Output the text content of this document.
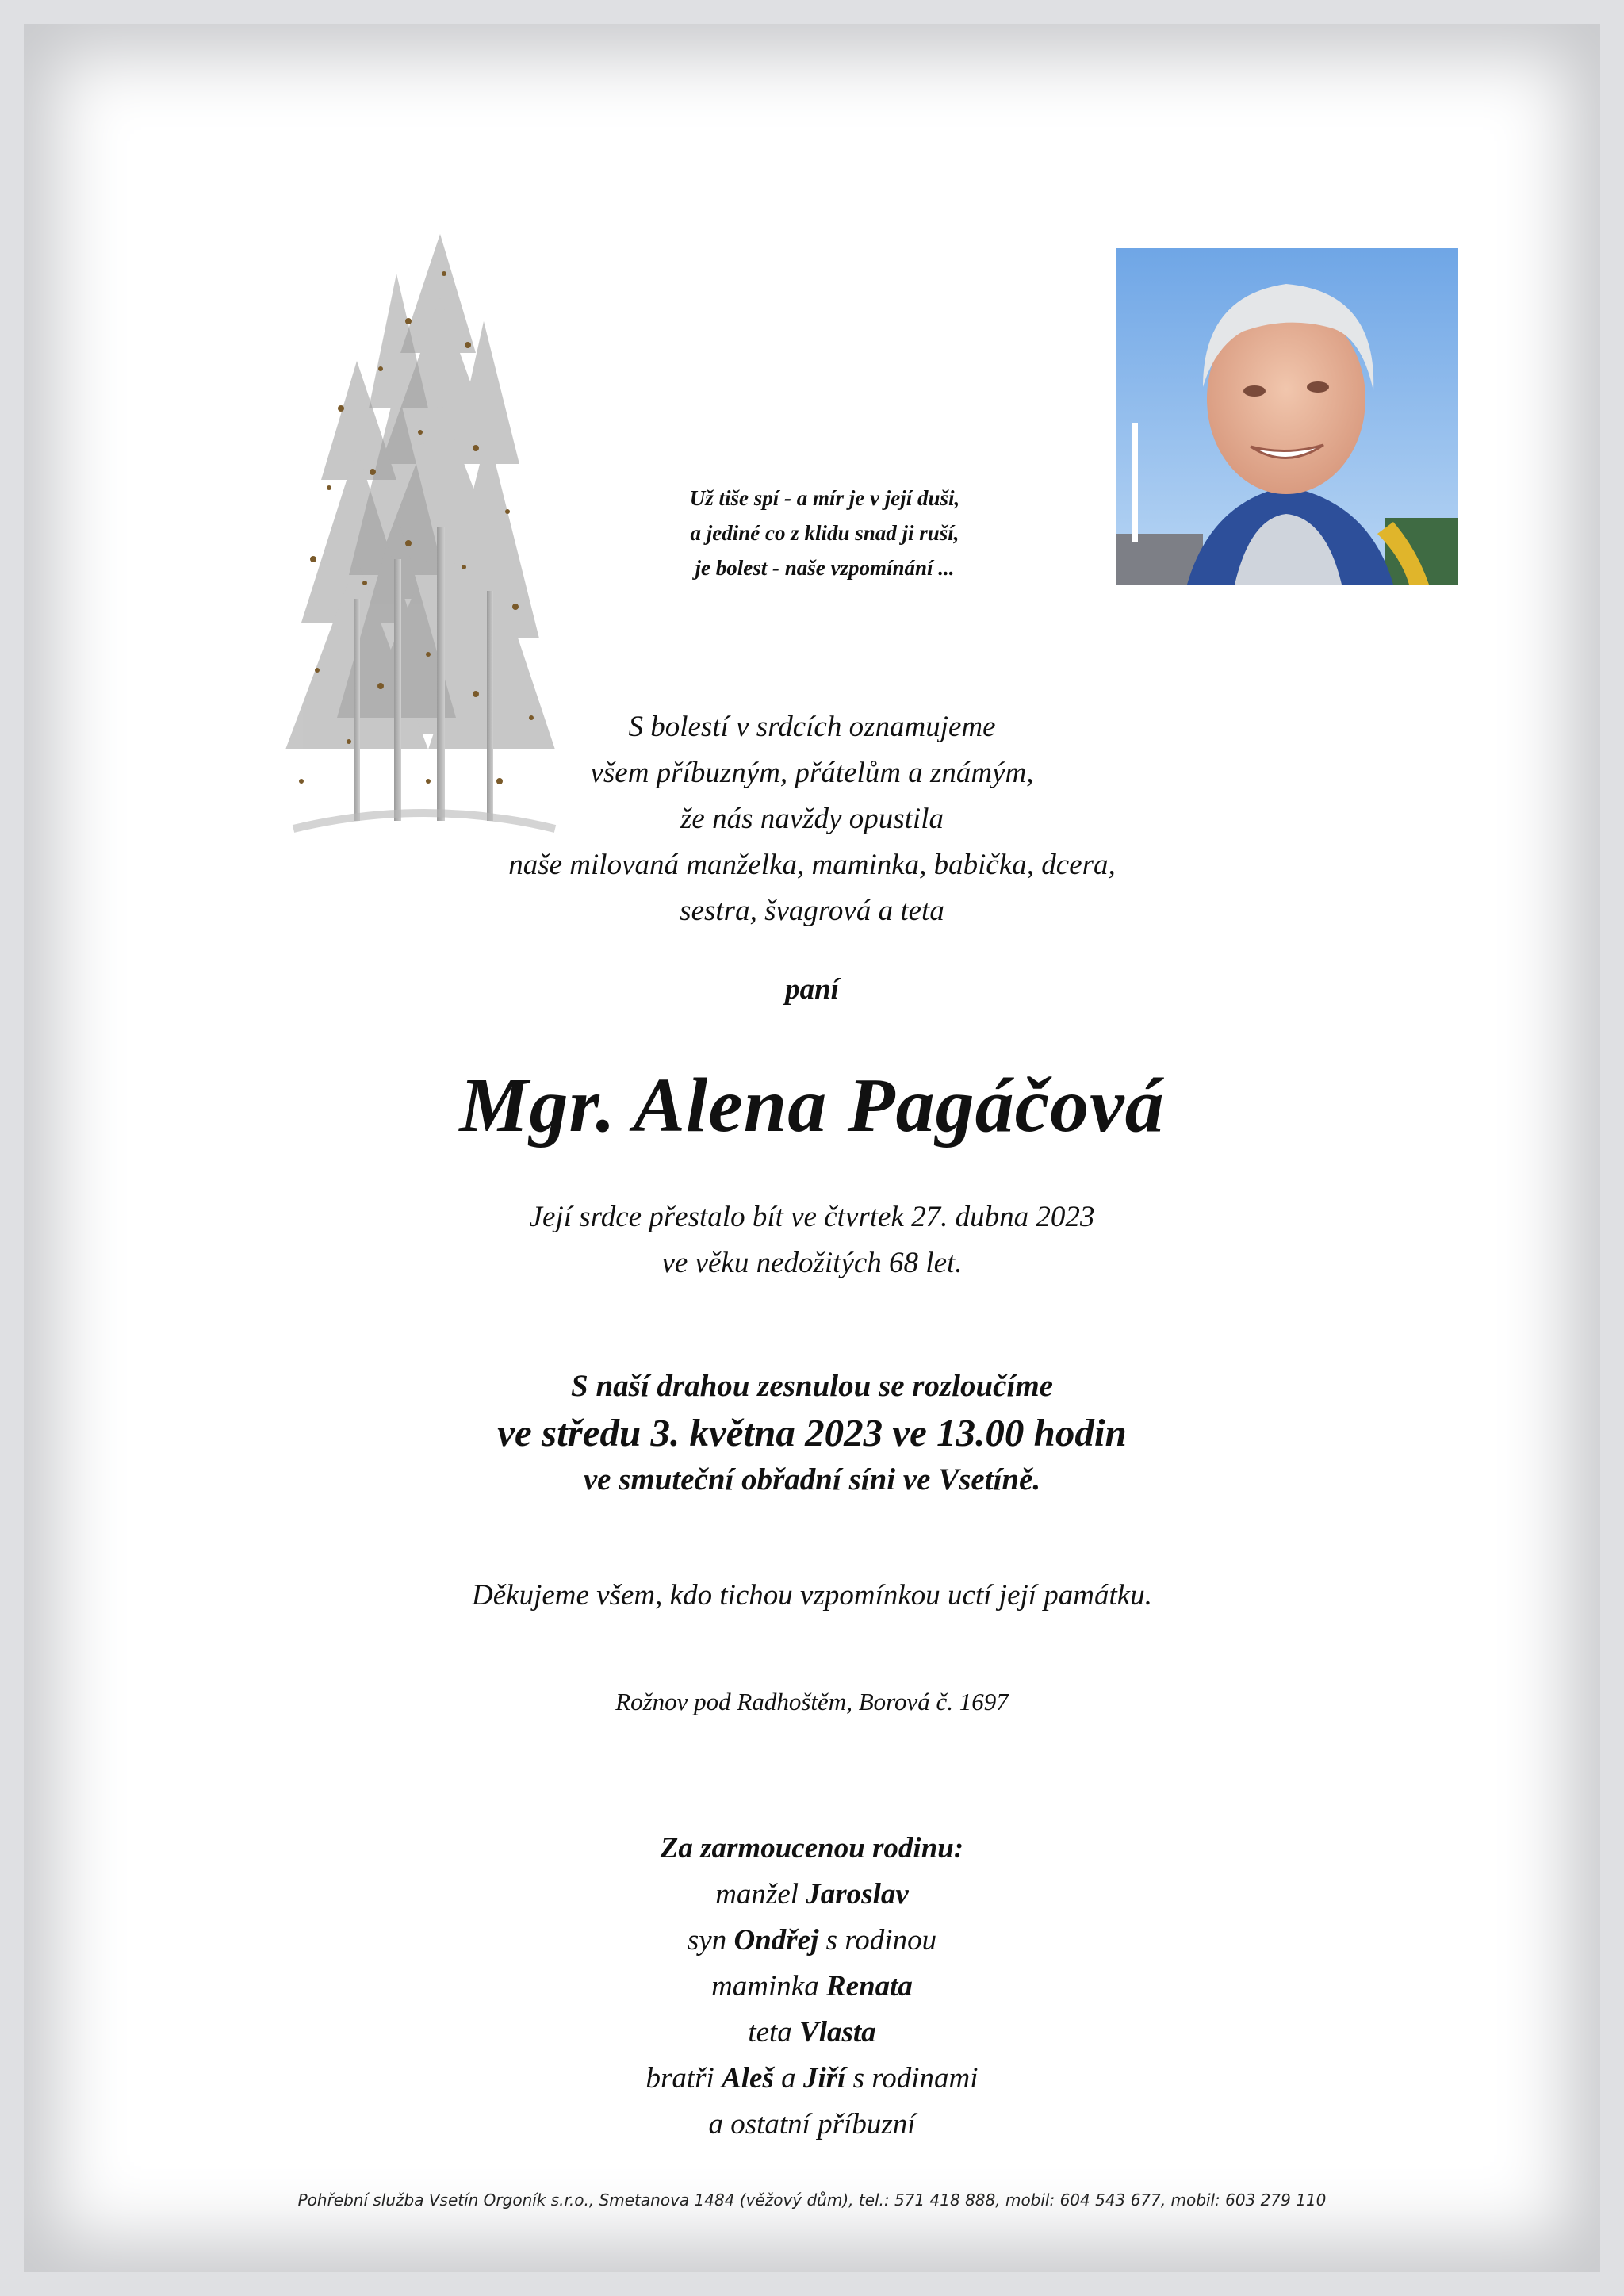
Už tiše spí - a mír je v její duši,
a jediné co z klidu snad ji ruší,
je bolest - naše vzpomínání ...
S bolestí v srdcích oznamujeme
všem příbuzným, přátelům a známým,
že nás navždy opustila
naše milovaná manželka, maminka, babička, dcera,
sestra, švagrová a teta
paní
Mgr. Alena Pagáčová
Její srdce přestalo bít ve čtvrtek 27. dubna 2023
ve věku nedožitých 68 let.
S naší drahou zesnulou se rozloučíme
ve středu 3. května 2023 ve 13.00 hodin
ve smuteční obřadní síni ve Vsetíně.
Děkujeme všem, kdo tichou vzpomínkou uctí její památku.
Rožnov pod Radhoštěm, Borová č. 1697
Za zarmoucenou rodinu:
manžel Jaroslav
syn Ondřej s rodinou
maminka Renata
teta Vlasta
bratři Aleš a Jiří s rodinami
a ostatní příbuzní
Pohřební služba Vsetín Orgoník s.r.o., Smetanova 1484 (věžový dům), tel.: 571 418 888, mobil: 604 543 677, mobil: 603 279 110
